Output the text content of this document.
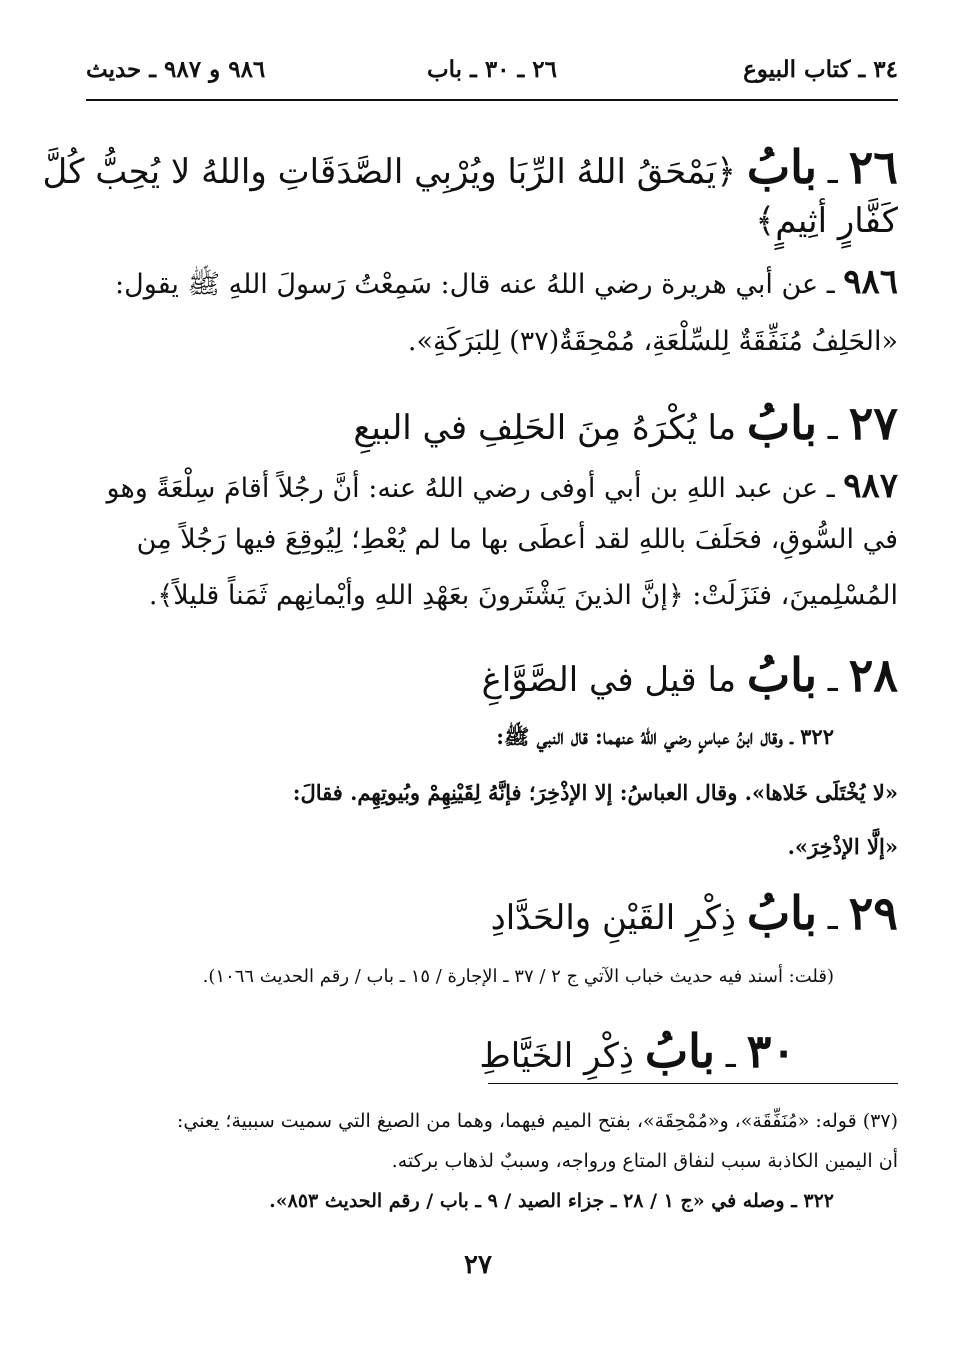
٣٤ ـ كتاب البيوع
٢٦ ـ ٣٠ ـ باب
٩٨٦ و ٩٨٧ ـ حديث
٢٦ ـ بابُ ﴿يَمْحَقُ اللهُ الرِّبَا ويُرْبِي الصَّدَقَاتِ واللهُ لا يُحِبُّ كُلَّ
كَفَّارٍ أثِيمٍ﴾
٩٨٦ ـ عن أبي هريرة رضي اللهُ عنه قال: سَمِعْتُ رَسولَ اللهِ ﷺ يقول:
«الحَلِفُ مُنَفِّقَةٌ لِلسِّلْعَةِ، مُمْحِقَةٌ(٣٧) لِلبَرَكَةِ».
٢٧ ـ بابُ ما يُكْرَهُ مِنَ الحَلِفِ في البيعِ
٩٨٧ ـ عن عبد اللهِ بن أبي أوفى رضي اللهُ عنه: أنَّ رجُلاً أقامَ سِلْعَةً وهو
في السُّوقِ، فحَلَفَ باللهِ لقد أعطَى بها ما لم يُعْطِ؛ لِيُوقِعَ فيها رَجُلاً مِن
المُسْلِمينَ، فنَزَلَتْ: ﴿إنَّ الذينَ يَشْتَرونَ بعَهْدِ اللهِ وأيْمانِهم ثَمَناً قليلاً﴾.
٢٨ ـ بابُ ما قيل في الصَّوَّاغِ
٣٢٢ ـ وقال ابنُ عباسٍ رضي اللهُ عنهما: قال النبي ﷺ:
«لا يُخْتَلَى خَلاها». وقال العباسُ: إلا الإذْخِرَ؛ فإنَّهُ لِقَيْنِهِمْ وبُيوتِهِم. فقالَ:
«إلَّا الإذْخِرَ».
٢٩ ـ بابُ ذِكْرِ القَيْنِ والحَدَّادِ
(قلت: أسند فيه حديث خباب الآتي ج ٢ / ٣٧ ـ الإجارة / ١٥ ـ باب / رقم الحديث ١٠٦٦).
٣٠ ـ بابُ ذِكْرِ الخَيَّاطِ
(٣٧) قوله: «مُنَفِّقَة»، و«مُمْحِقَة»، بفتح الميم فيهما، وهما من الصيغ التي سميت سببية؛ يعني:
أن اليمين الكاذبة سبب لنفاق المتاع ورواجه، وسببٌ لذهاب بركته.
٣٢٢ ـ وصله في «ج ١ / ٢٨ ـ جزاء الصيد / ٩ ـ باب / رقم الحديث ٨٥٣».
٢٧
